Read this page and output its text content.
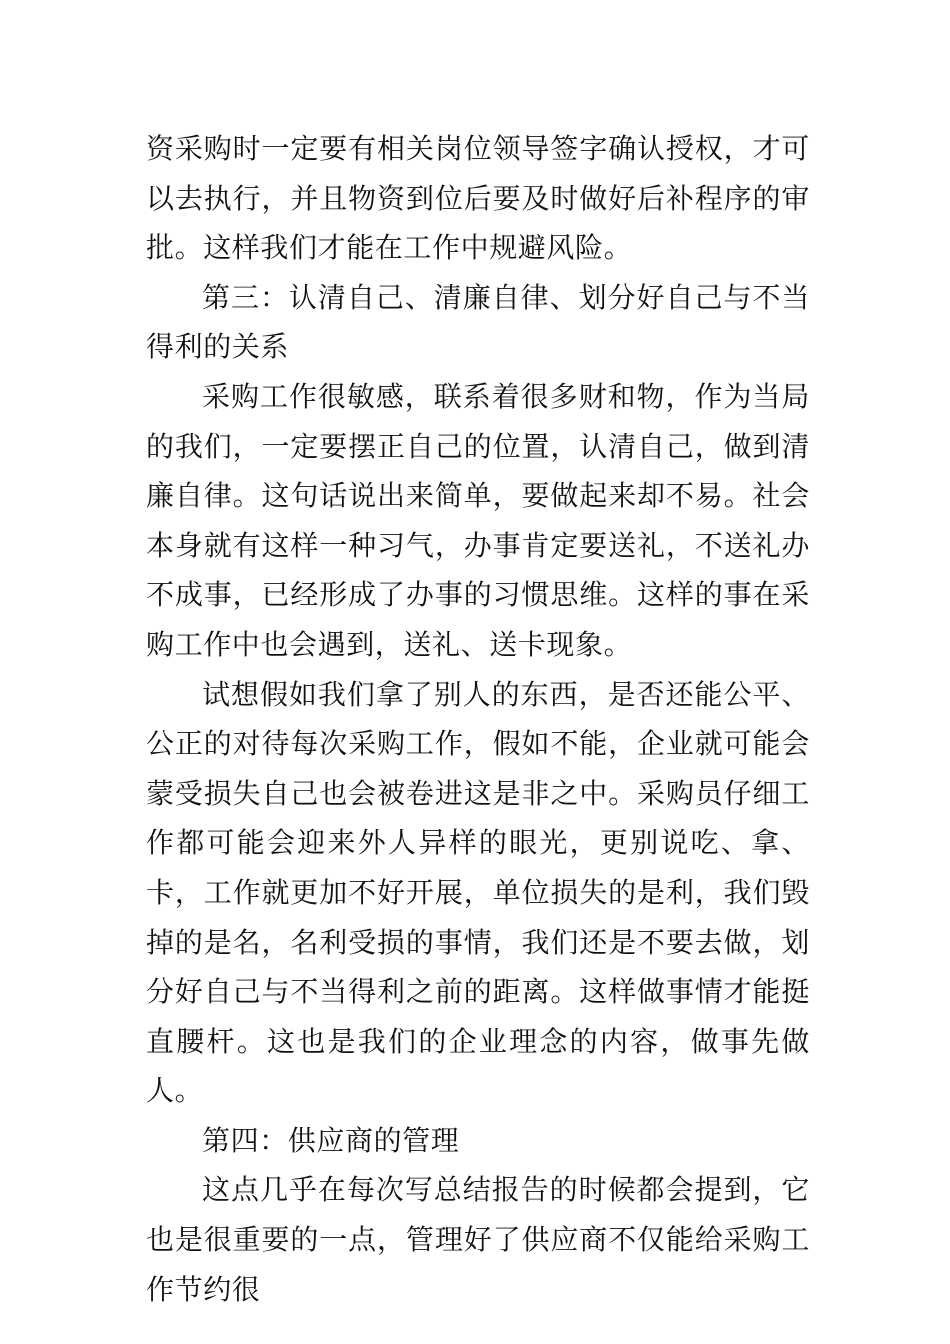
资采购时一定要有相关岗位领导签字确认授权，才可以去执行，并且物资到位后要及时做好后补程序的审批。这样我们才能在工作中规避风险。

第三：认清自己、清廉自律、划分好自己与不当得利的关系

采购工作很敏感，联系着很多财和物，作为当局的我们，一定要摆正自己的位置，认清自己，做到清廉自律。这句话说出来简单，要做起来却不易。社会本身就有这样一种习气，办事肯定要送礼，不送礼办不成事，已经形成了办事的习惯思维。这样的事在采购工作中也会遇到，送礼、送卡现象。

试想假如我们拿了别人的东西，是否还能公平、公正的对待每次采购工作，假如不能，企业就可能会蒙受损失自己也会被卷进这是非之中。采购员仔细工作都可能会迎来外人异样的眼光，更别说吃、拿、卡，工作就更加不好开展，单位损失的是利，我们毁掉的是名，名利受损的事情，我们还是不要去做，划分好自己与不当得利之前的距离。这样做事情才能挺直腰杆。这也是我们的企业理念的内容，做事先做人。

第四：供应商的管理

这点几乎在每次写总结报告的时候都会提到，它也是很重要的一点，管理好了供应商不仅能给采购工作节约很
